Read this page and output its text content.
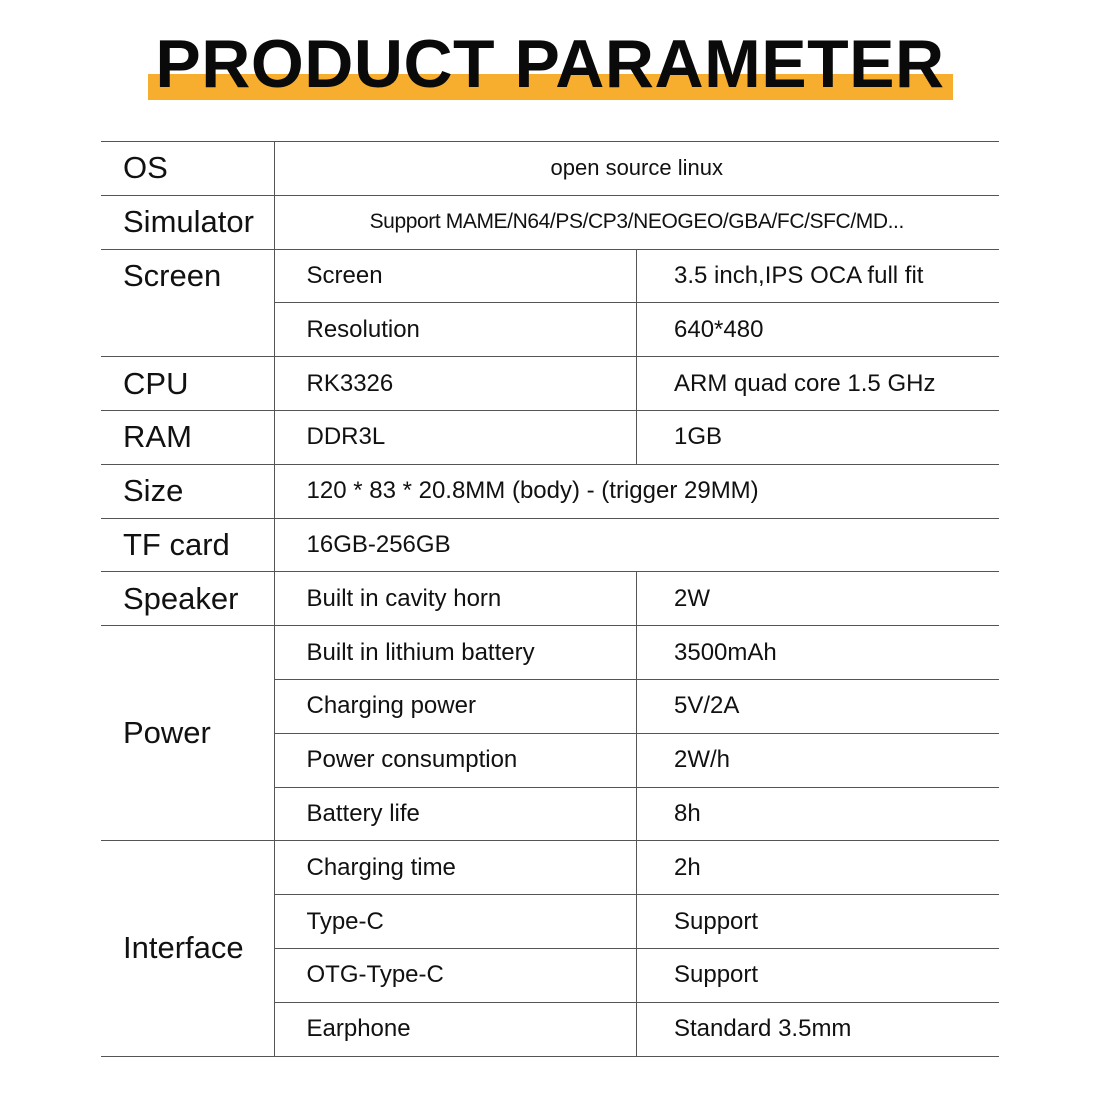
PRODUCT PARAMETER
OS	open source linux	
Simulator	Support MAME/N64/PS/CP3/NEOGEO/GBA/FC/SFC/MD...	
Screen	Screen	3.5 inch,IPS OCA full fit
	Resolution	640*480
CPU	RK3326	ARM quad core 1.5 GHz
RAM	DDR3L	1GB
Size	120 * 83 * 20.8MM (body) - (trigger 29MM)	
TF card	16GB-256GB	
Speaker	Built in cavity horn	2W
Power	Built in lithium battery	3500mAh
	Charging power	5V/2A
	Power consumption	2W/h
	Battery life	8h
Interface	Charging time	2h
	Type-C	Support
	OTG-Type-C	Support
	Earphone	Standard 3.5mm
